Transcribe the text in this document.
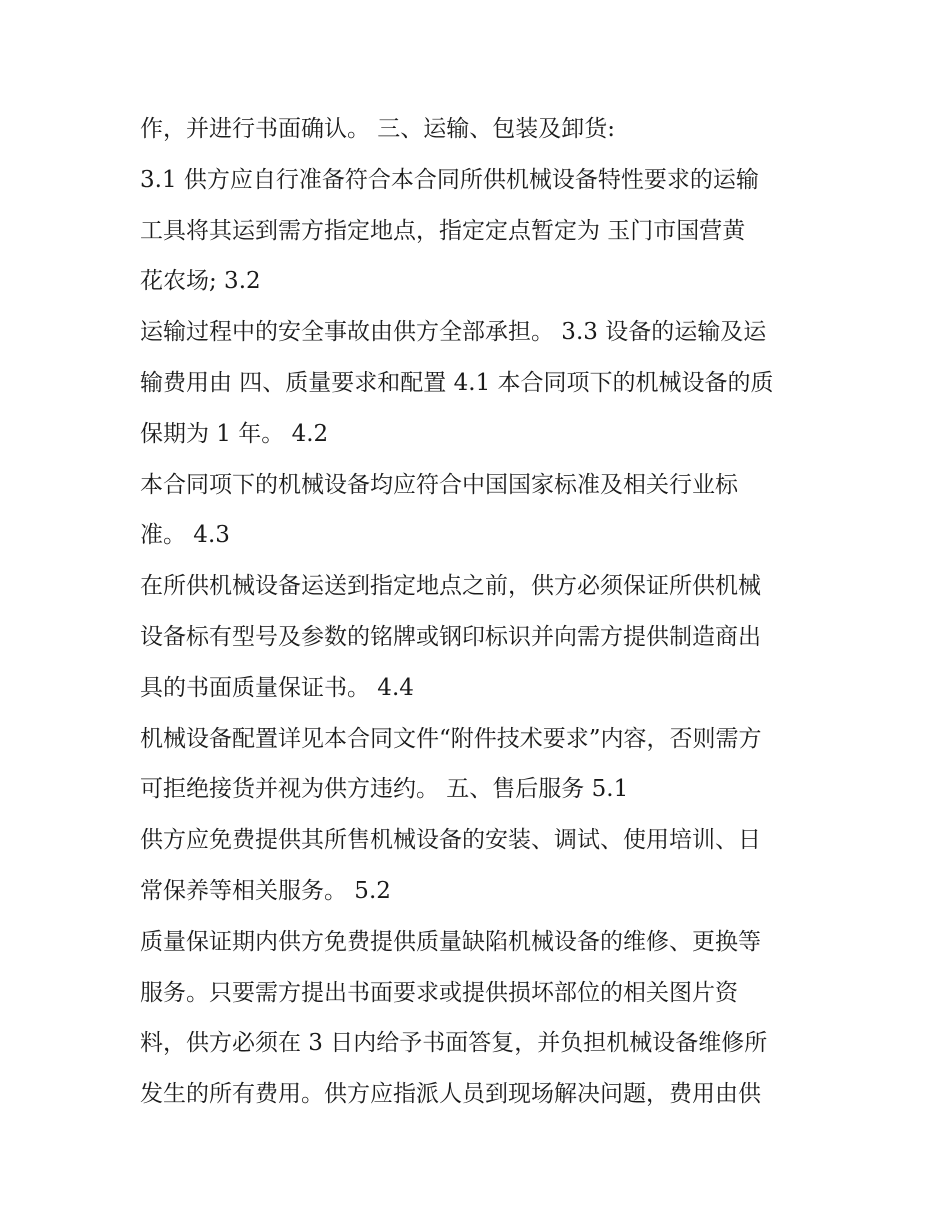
作，并进行书面确认。 三、运输、包装及卸货:
3.1 供方应自行准备符合本合同所供机械设备特性要求的运输
工具将其运到需方指定地点，指定定点暂定为 玉门市国营黄
花农场; 3.2
运输过程中的安全事故由供方全部承担。 3.3 设备的运输及运
输费用由 四、质量要求和配置 4.1 本合同项下的机械设备的质
保期为 1 年。 4.2
本合同项下的机械设备均应符合中国国家标准及相关行业标
准。 4.3
在所供机械设备运送到指定地点之前，供方必须保证所供机械
设备标有型号及参数的铭牌或钢印标识并向需方提供制造商出
具的书面质量保证书。 4.4
机械设备配置详见本合同文件“附件技术要求”内容，否则需方
可拒绝接货并视为供方违约。 五、售后服务 5.1
供方应免费提供其所售机械设备的安装、调试、使用培训、日
常保养等相关服务。 5.2
质量保证期内供方免费提供质量缺陷机械设备的维修、更换等
服务。只要需方提出书面要求或提供损坏部位的相关图片资
料，供方必须在 3 日内给予书面答复，并负担机械设备维修所
发生的所有费用。供方应指派人员到现场解决问题，费用由供
